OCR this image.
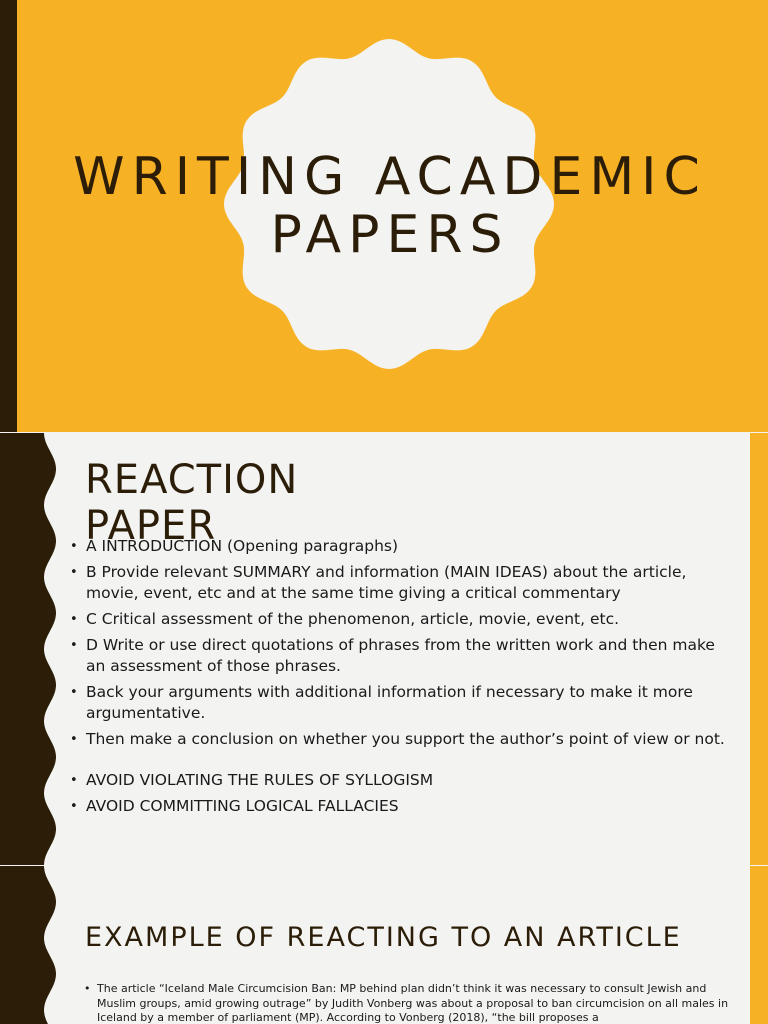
WRITING ACADEMIC PAPERS
REACTION PAPER
• A INTRODUCTION (Opening paragraphs)
• B Provide relevant SUMMARY and information (MAIN IDEAS) about the article, movie, event, etc and at the same time giving a critical commentary
• C Critical assessment of the phenomenon, article, movie, event, etc.
• D Write or use direct quotations of phrases from the written work and then make an assessment of those phrases.
• Back your arguments with additional information if necessary to make it more argumentative.
• Then make a conclusion on whether you support the author’s point of view or not.
• AVOID VIOLATING THE RULES OF SYLLOGISM
• AVOID COMMITTING LOGICAL FALLACIES
EXAMPLE OF REACTING TO AN ARTICLE
• The article “Iceland Male Circumcision Ban: MP behind plan didn’t think it was necessary to consult Jewish and Muslim groups, amid growing outrage” by Judith Vonberg was about a proposal to ban circumcision on all males in Iceland by a member of parliament (MP). According to Vonberg (2018), “the bill proposes a
